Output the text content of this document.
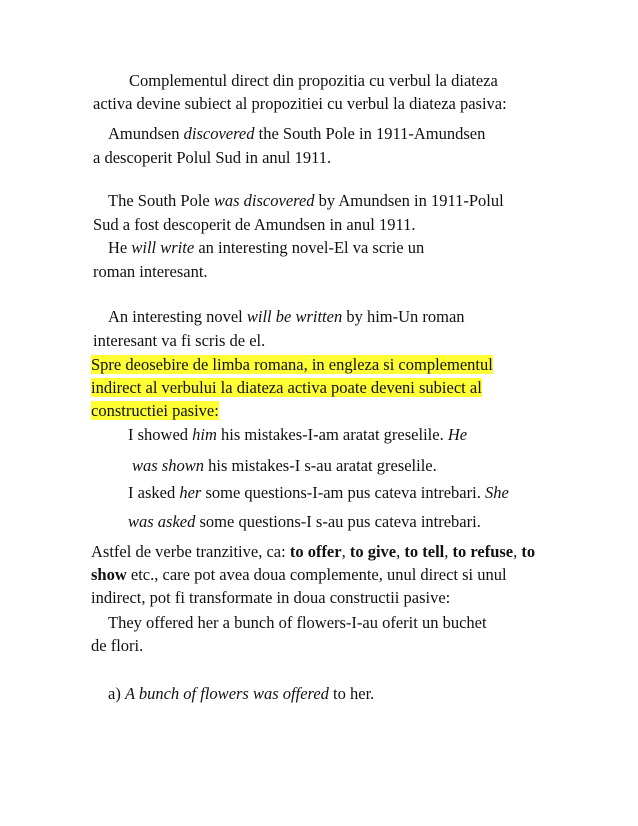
Complementul direct din propozitia cu verbul la diateza
activa devine subiect al propozitiei cu verbul la diateza pasiva:
Amundsen discovered the South Pole in 1911-Amundsen
a descoperit Polul Sud in anul 1911.
The South Pole was discovered by Amundsen in 1911-Polul
Sud a fost descoperit de Amundsen in anul 1911.
He will write an interesting novel-El va scrie un
roman interesant.
An interesting novel will be written by him-Un roman
interesant va fi scris de el.
Spre deosebire de limba romana, in engleza si complementul
indirect al verbului la diateza activa poate deveni subiect al
constructiei pasive:
I showed him his mistakes-I-am aratat greselile. He
was shown his mistakes-I s-au aratat greselile.
I asked her some questions-I-am pus cateva intrebari. She
was asked some questions-I s-au pus cateva intrebari.
Astfel de verbe tranzitive, ca: to offer, to give, to tell, to refuse, to
show etc., care pot avea doua complemente, unul direct si unul
indirect, pot fi transformate in doua constructii pasive:
They offered her a bunch of flowers-I-au oferit un buchet
de flori.
a) A bunch of flowers was offered to her.
